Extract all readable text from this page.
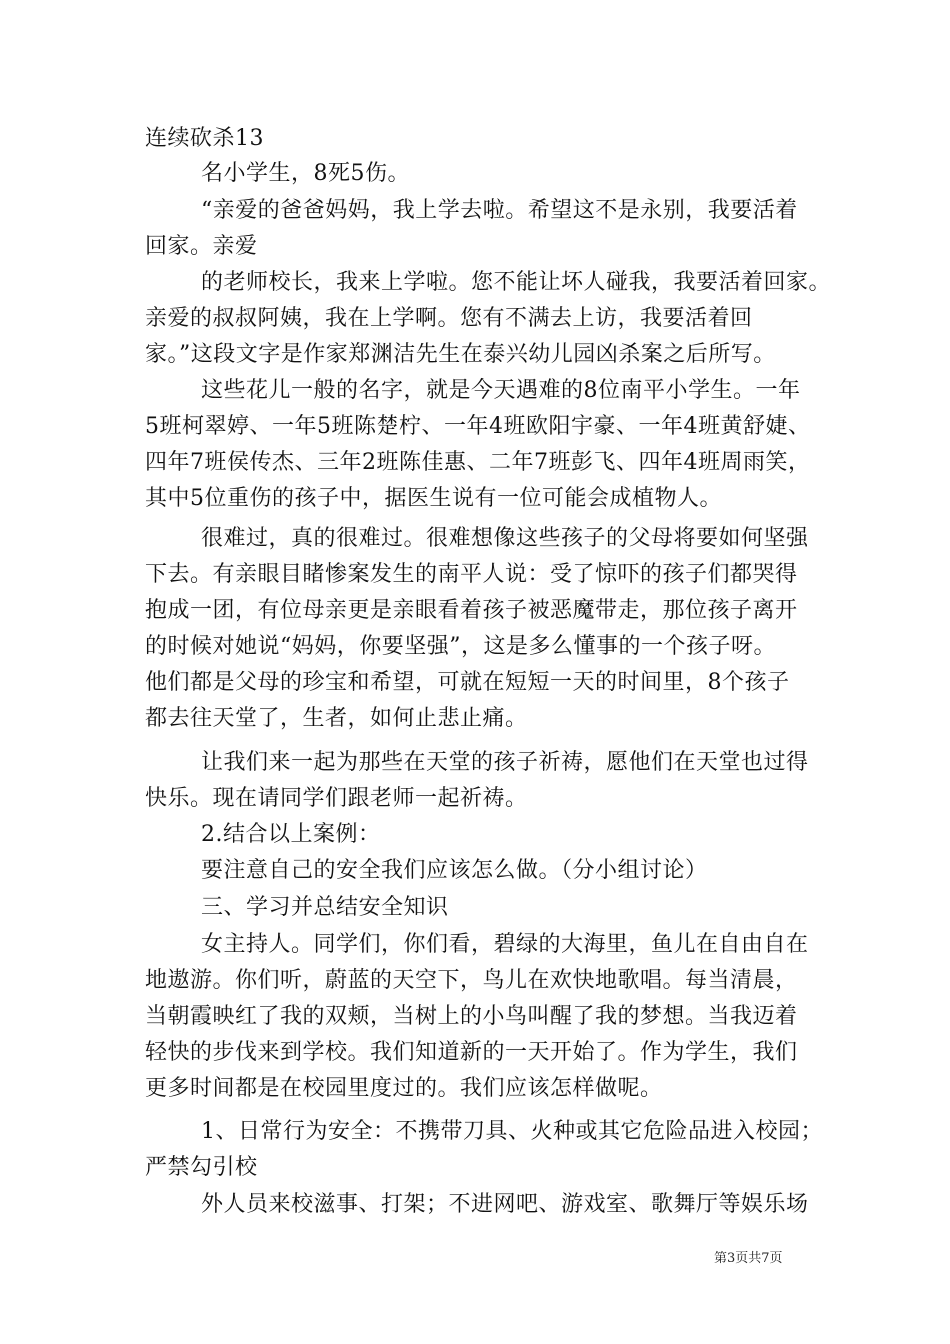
连续砍杀13
名小学生，8死5伤。
“亲爱的爸爸妈妈，我上学去啦。希望这不是永别，我要活着
回家。亲爱
的老师校长，我来上学啦。您不能让坏人碰我，我要活着回家。
亲爱的叔叔阿姨，我在上学啊。您有不满去上访，我要活着回
家。”这段文字是作家郑渊洁先生在泰兴幼儿园凶杀案之后所写。
这些花儿一般的名字，就是今天遇难的8位南平小学生。一年
5班柯翠婷、一年5班陈楚柠、一年4班欧阳宇豪、一年4班黄舒婕、
四年7班侯传杰、三年2班陈佳惠、二年7班彭飞、四年4班周雨笑，
其中5位重伤的孩子中，据医生说有一位可能会成植物人。
很难过，真的很难过。很难想像这些孩子的父母将要如何坚强
下去。有亲眼目睹惨案发生的南平人说：受了惊吓的孩子们都哭得
抱成一团，有位母亲更是亲眼看着孩子被恶魔带走，那位孩子离开
的时候对她说“妈妈，你要坚强”，这是多么懂事的一个孩子呀。
他们都是父母的珍宝和希望，可就在短短一天的时间里，8个孩子
都去往天堂了，生者，如何止悲止痛。
让我们来一起为那些在天堂的孩子祈祷，愿他们在天堂也过得
快乐。现在请同学们跟老师一起祈祷。
2.结合以上案例：
要注意自己的安全我们应该怎么做。（分小组讨论）
三、学习并总结安全知识
女主持人。同学们，你们看，碧绿的大海里，鱼儿在自由自在
地遨游。你们听，蔚蓝的天空下，鸟儿在欢快地歌唱。每当清晨，
当朝霞映红了我的双颊，当树上的小鸟叫醒了我的梦想。当我迈着
轻快的步伐来到学校。我们知道新的一天开始了。作为学生，我们
更多时间都是在校园里度过的。我们应该怎样做呢。
1、日常行为安全：不携带刀具、火种或其它危险品进入校园；
严禁勾引校
外人员来校滋事、打架；不进网吧、游戏室、歌舞厅等娱乐场
第3页共7页
